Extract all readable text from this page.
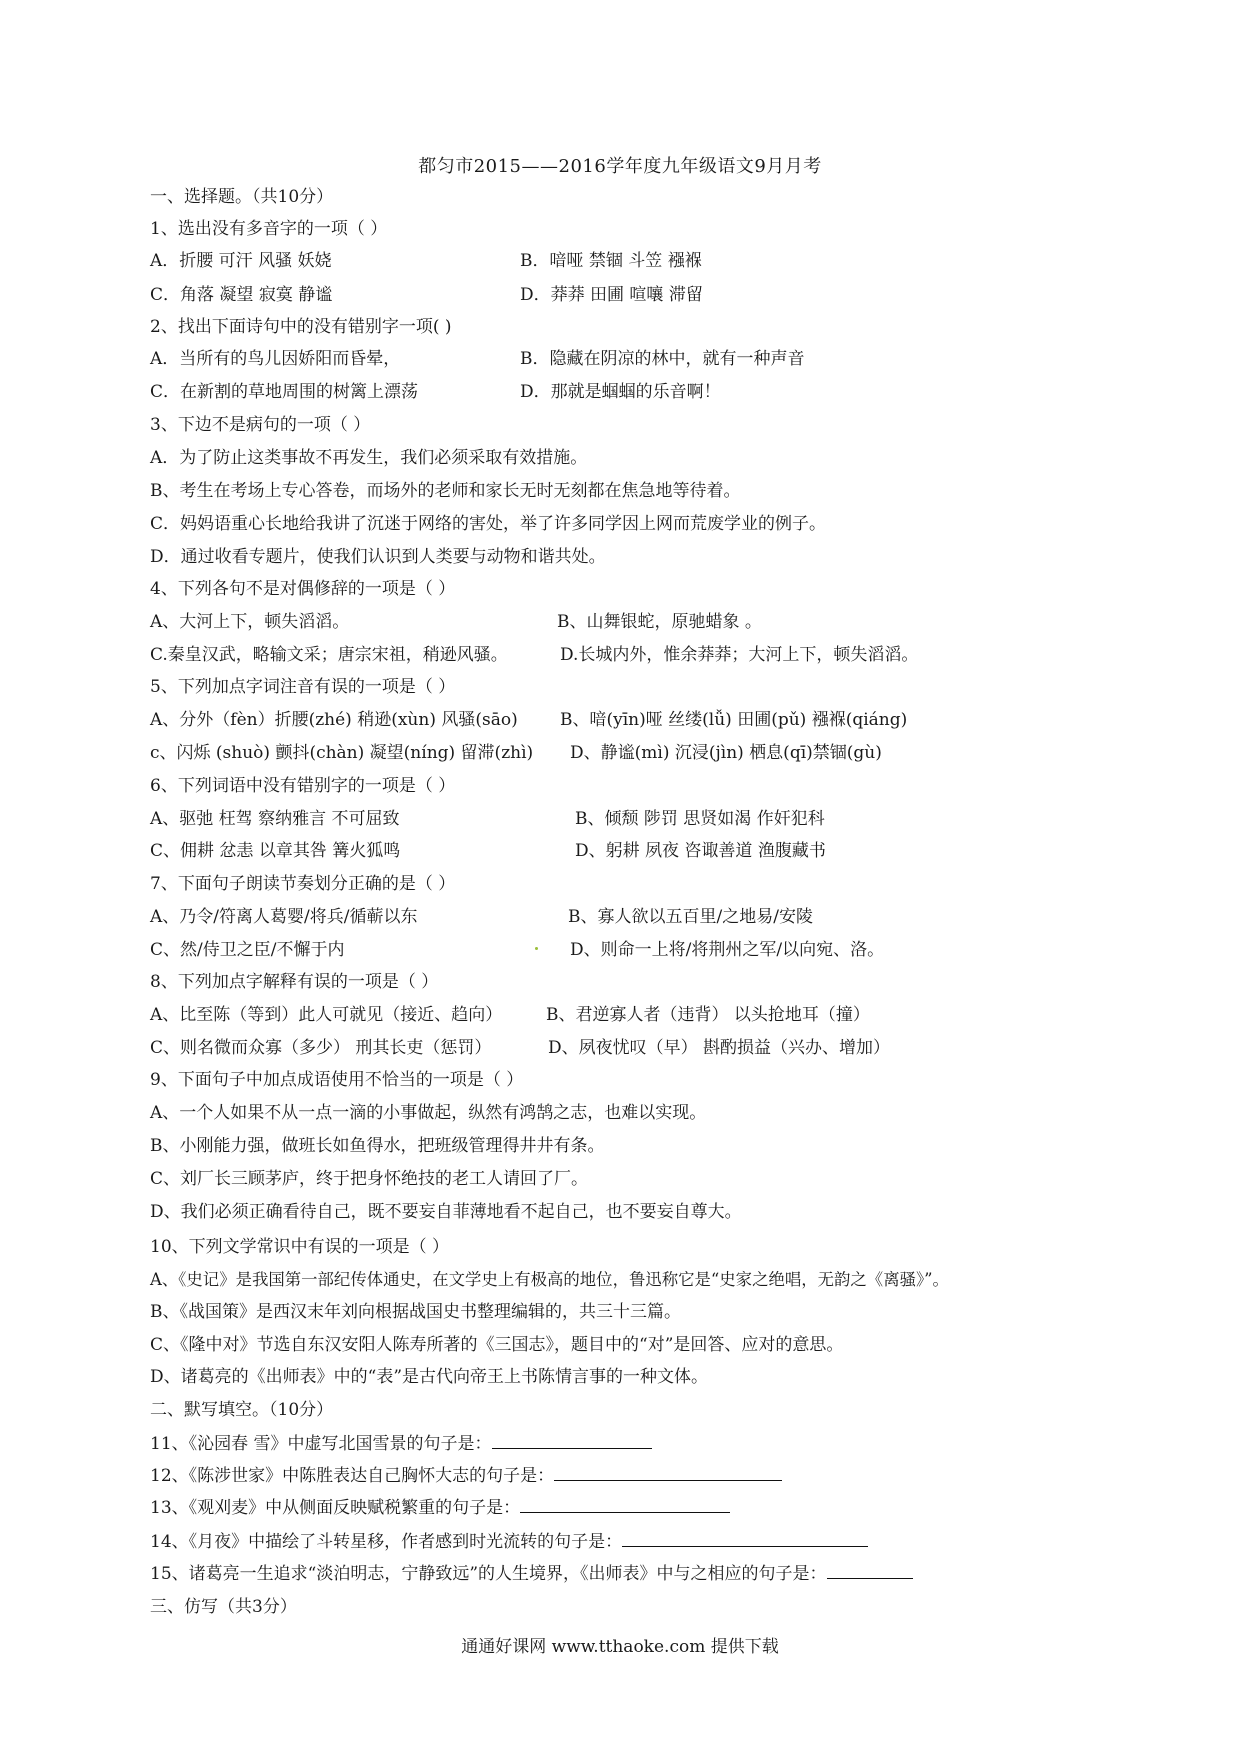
都匀市2015——2016学年度九年级语文9月月考
一、选择题。（共10分）
1、选出没有多音字的一项（ ）
A．折腰 可汗 风骚 妖娆	B．喑哑 禁锢 斗笠 襁褓
C．角落 凝望 寂寞 静谧	D．莽莽 田圃 喧嚷 滞留
2、找出下面诗句中的没有错别字一项( )
A．当所有的鸟儿因娇阳而昏晕，	B．隐藏在阴凉的林中，就有一种声音
C．在新割的草地周围的树篱上漂荡	D．那就是蝈蝈的乐音啊！
3、下边不是病句的一项（ ）
A．为了防止这类事故不再发生，我们必须采取有效措施。
B、考生在考场上专心答卷，而场外的老师和家长无时无刻都在焦急地等待着。
C．妈妈语重心长地给我讲了沉迷于网络的害处，举了许多同学因上网而荒废学业的例子。
D．通过收看专题片，使我们认识到人类要与动物和谐共处。
4、下列各句不是对偶修辞的一项是（ ）
A、大河上下，顿失滔滔。	B、山舞银蛇，原驰蜡象 。
C.秦皇汉武，略输文采；唐宗宋祖，稍逊风骚。	D.长城内外，惟余莽莽；大河上下，顿失滔滔。
5、下列加点字词注音有误的一项是（ ）
A、分外（fèn）折腰(zhé) 稍逊(xùn) 风骚(sāo) B、喑(yīn)哑 丝缕(lǚ) 田圃(pǔ) 襁褓(qiáng)
c、闪烁 (shuò) 颤抖(chàn) 凝望(níng) 留滞(zhì) D、静谧(mì) 沉浸(jìn) 栖息(qī)禁锢(gù)
6、下列词语中没有错别字的一项是（ ）
A、驱弛 枉驾 察纳雅言 不可屈致	B、倾颓 陟罚 思贤如渴 作奸犯科
C、佣耕 忿恚 以章其咎 篝火狐鸣	D、躬耕 夙夜 咨诹善道 渔腹藏书
7、下面句子朗读节奏划分正确的是（ ）
A、乃令/符离人葛婴/将兵/循蕲以东	B、寡人欲以五百里/之地易/安陵
C、然/侍卫之臣/不懈于内	D、则命一上将/将荆州之军/以向宛、洛。
8、下列加点字解释有误的一项是（ ）
A、比至陈（等到）此人可就见（接近、趋向）	B、君逆寡人者（违背） 以头抢地耳（撞）
C、则名微而众寡（多少） 刑其长吏（惩罚）	D、夙夜忧叹（早） 斟酌损益（兴办、增加）
9、下面句子中加点成语使用不恰当的一项是（ ）
A、一个人如果不从一点一滴的小事做起，纵然有鸿鹄之志，也难以实现。
B、小刚能力强，做班长如鱼得水，把班级管理得井井有条。
C、刘厂长三顾茅庐，终于把身怀绝技的老工人请回了厂。
D、我们必须正确看待自己，既不要妄自菲薄地看不起自己，也不要妄自尊大。
10、下列文学常识中有误的一项是（ ）
A、《史记》是我国第一部纪传体通史，在文学史上有极高的地位，鲁迅称它是“史家之绝唱，无韵之《离骚》”。
B、《战国策》是西汉末年刘向根据战国史书整理编辑的，共三十三篇。
C、《隆中对》节选自东汉安阳人陈寿所著的《三国志》，题目中的“对”是回答、应对的意思。
D、诸葛亮的《出师表》中的“表”是古代向帝王上书陈情言事的一种文体。
二、默写填空。（10分）
11、《沁园春 雪》中虚写北国雪景的句子是：
12、《陈涉世家》中陈胜表达自己胸怀大志的句子是：
13、《观刈麦》中从侧面反映赋税繁重的句子是：
14、《月夜》中描绘了斗转星移，作者感到时光流转的句子是：
15、诸葛亮一生追求“淡泊明志，宁静致远”的人生境界，《出师表》中与之相应的句子是：
三、仿写（共3分）
通通好课网 www.tthaoke.com 提供下载
